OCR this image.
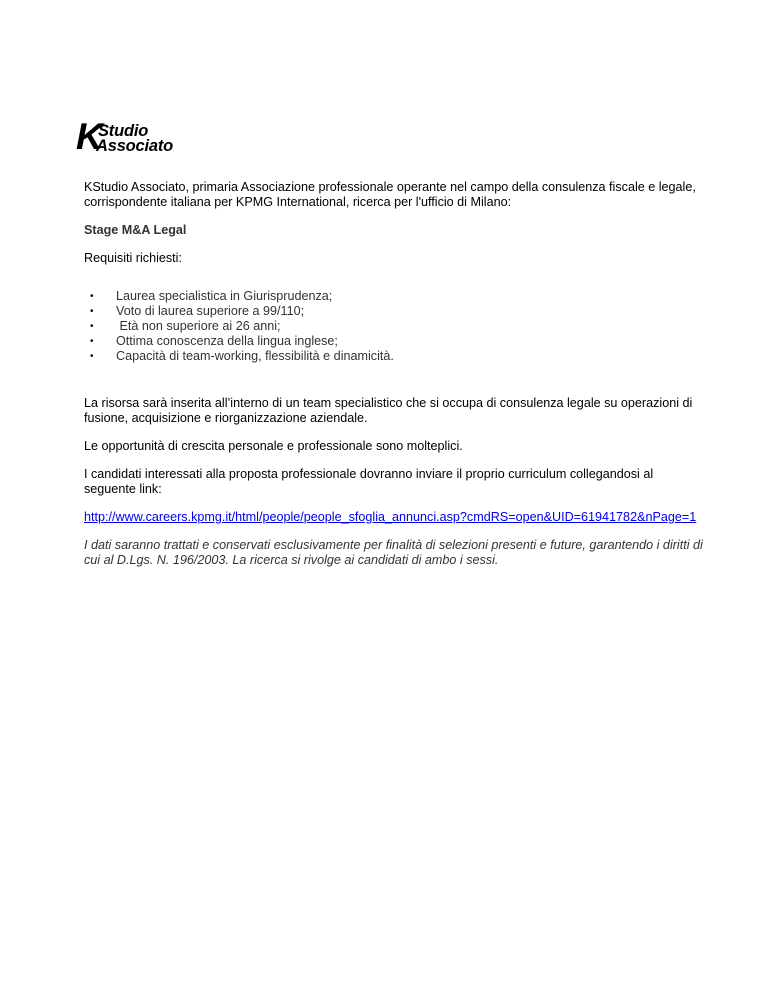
K
Studio
Associato

KStudio Associato, primaria Associazione professionale operante nel campo della consulenza fiscale e legale, corrispondente italiana per KPMG International, ricerca per l'ufficio di Milano:

Stage M&A Legal

Requisiti richiesti:

• Laurea specialistica in Giurisprudenza;
• Voto di laurea superiore a 99/110;
• Età non superiore ai 26 anni;
• Ottima conoscenza della lingua inglese;
• Capacità di team-working, flessibilità e dinamicità.

La risorsa sarà inserita all’interno di un team specialistico che si occupa di consulenza legale su operazioni di fusione, acquisizione e riorganizzazione aziendale.

Le opportunità di crescita personale e professionale sono molteplici.

I candidati interessati alla proposta professionale dovranno inviare il proprio curriculum collegandosi al seguente link:

http://www.careers.kpmg.it/html/people/people_sfoglia_annunci.asp?cmdRS=open&UID=61941782&nPage=1

I dati saranno trattati e conservati esclusivamente per finalità di selezioni presenti e future, garantendo i diritti di cui al D.Lgs. N. 196/2003. La ricerca si rivolge ai candidati di ambo i sessi.
